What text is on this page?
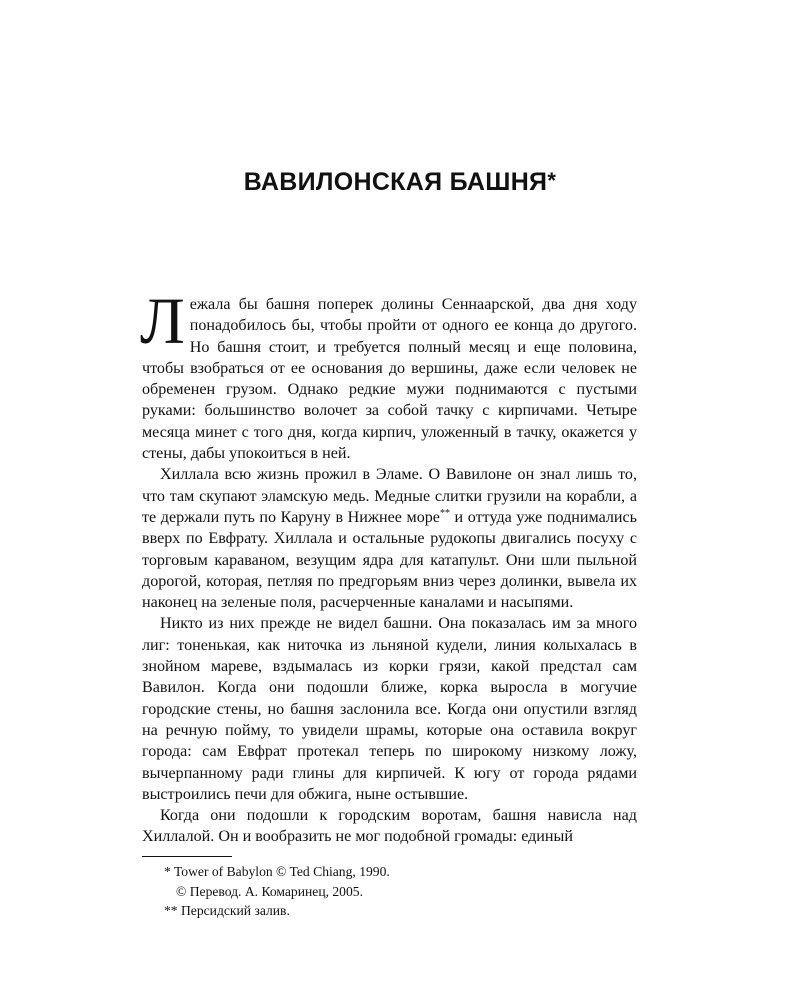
ВАВИЛОНСКАЯ БАШНЯ*

Лежала бы башня поперек долины Сеннаарской, два дня ходу понадобилось бы, чтобы пройти от одного ее конца до другого. Но башня стоит, и требуется полный месяц и еще половина, чтобы взобраться от ее основания до вершины, даже если человек не обременен грузом. Однако редкие мужи поднимаются с пустыми руками: большинство волочет за собой тачку с кирпичами. Четыре месяца минет с того дня, когда кирпич, уложенный в тачку, окажется у стены, дабы упокоиться в ней.

Хиллала всю жизнь прожил в Эламе. О Вавилоне он знал лишь то, что там скупают эламскую медь. Медные слитки грузили на корабли, а те держали путь по Каруну в Нижнее море** и оттуда уже поднимались вверх по Евфрату. Хиллала и остальные рудокопы двигались посуху с торговым караваном, везущим ядра для катапульт. Они шли пыльной дорогой, которая, петляя по предгорьям вниз через долинки, вывела их наконец на зеленые поля, расчерченные каналами и насыпями.

Никто из них прежде не видел башни. Она показалась им за много лиг: тоненькая, как ниточка из льняной кудели, линия колыхалась в знойном мареве, вздымалась из корки грязи, какой предстал сам Вавилон. Когда они подошли ближе, корка выросла в могучие городские стены, но башня заслонила все. Когда они опустили взгляд на речную пойму, то увидели шрамы, которые она оставила вокруг города: сам Евфрат протекал теперь по широкому низкому ложу, вычерпанному ради глины для кирпичей. К югу от города рядами выстроились печи для обжига, ныне остывшие.

Когда они подошли к городским воротам, башня нависла над Хиллалой. Он и вообразить не мог подобной громады: единый

* Tower of Babylon © Ted Chiang, 1990.

© Перевод. А. Комаринец, 2005.

** Персидский залив.
